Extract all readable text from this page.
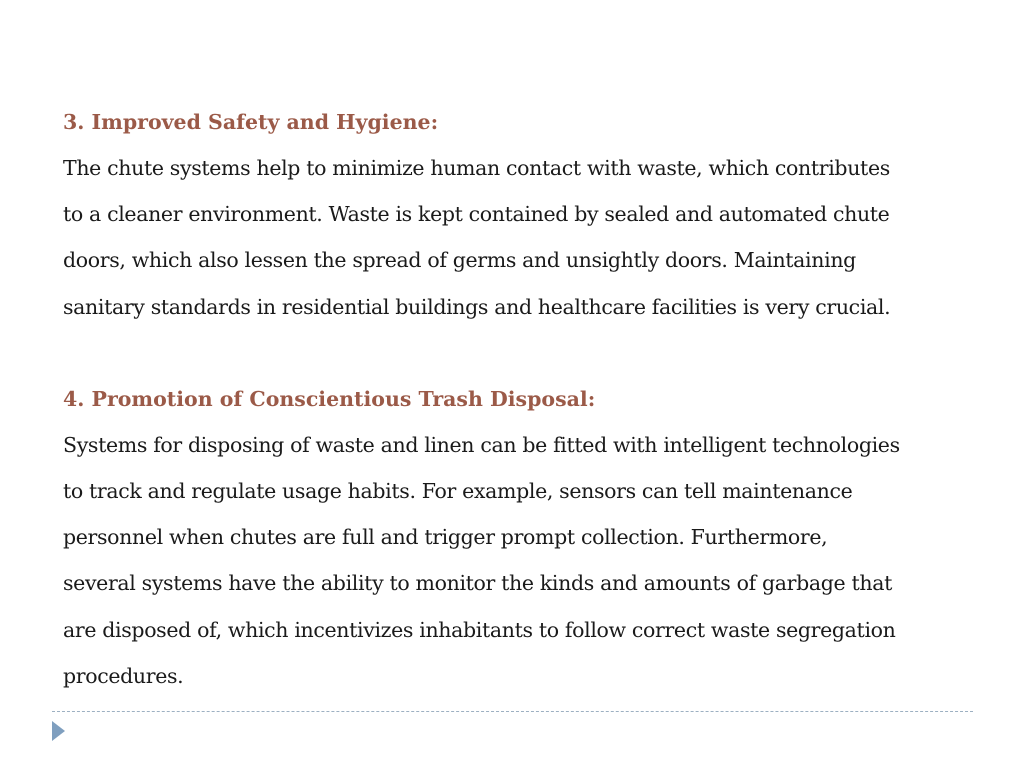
3. Improved Safety and Hygiene:

The chute systems help to minimize human contact with waste, which contributes
to a cleaner environment. Waste is kept contained by sealed and automated chute
doors, which also lessen the spread of germs and unsightly doors. Maintaining
sanitary standards in residential buildings and healthcare facilities is very crucial.

4. Promotion of Conscientious Trash Disposal:

Systems for disposing of waste and linen can be fitted with intelligent technologies
to track and regulate usage habits. For example, sensors can tell maintenance
personnel when chutes are full and trigger prompt collection. Furthermore,
several systems have the ability to monitor the kinds and amounts of garbage that
are disposed of, which incentivizes inhabitants to follow correct waste segregation
procedures.
